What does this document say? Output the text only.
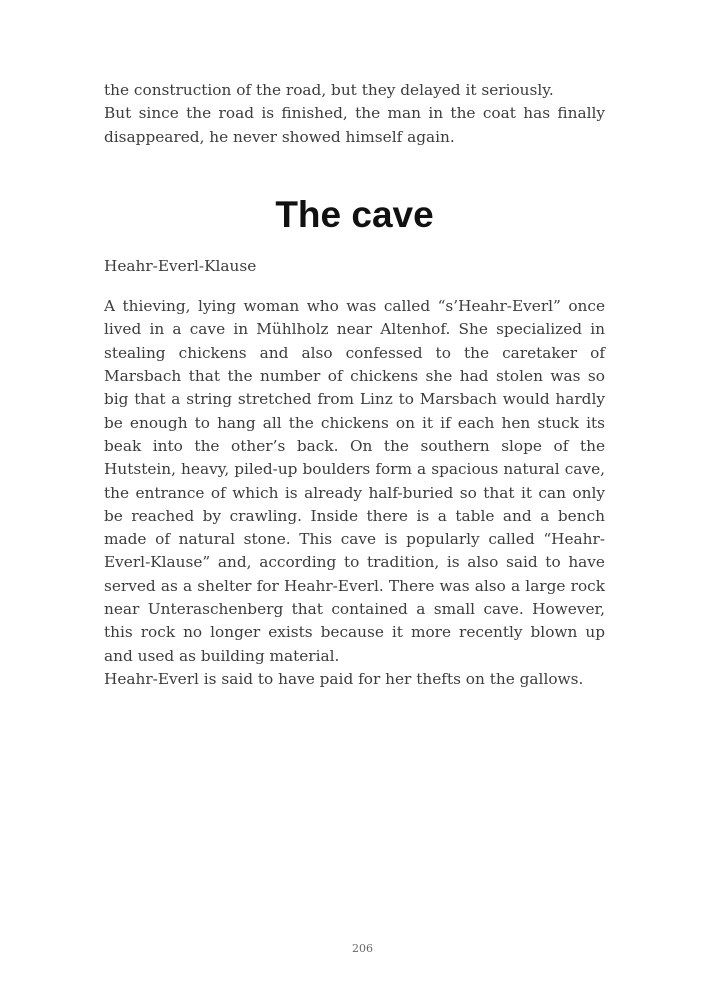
the construction of the road, but they delayed it seriously.

But since the road is finished, the man in the coat has finally disappeared, he never showed himself again.

The cave

Heahr-Everl-Klause

A thieving, lying woman who was called “s’Heahr-Everl” once lived in a cave in Mühlholz near Altenhof. She specialized in stealing chickens and also confessed to the caretaker of Marsbach that the number of chickens she had stolen was so big that a string stretched from Linz to Marsbach would hardly be enough to hang all the chickens on it if each hen stuck its beak into the other’s back. On the southern slope of the Hutstein, heavy, piled-up boulders form a spacious natural cave, the entrance of which is already half-buried so that it can only be reached by crawling. Inside there is a table and a bench made of natural stone. This cave is popularly called “Heahr-Everl-Klause” and, according to tradition, is also said to have served as a shelter for Heahr-Everl. There was also a large rock near Unteraschenberg that contained a small cave. However, this rock no longer exists because it more recently blown up and used as building material.

Heahr-Everl is said to have paid for her thefts on the gallows.

206
